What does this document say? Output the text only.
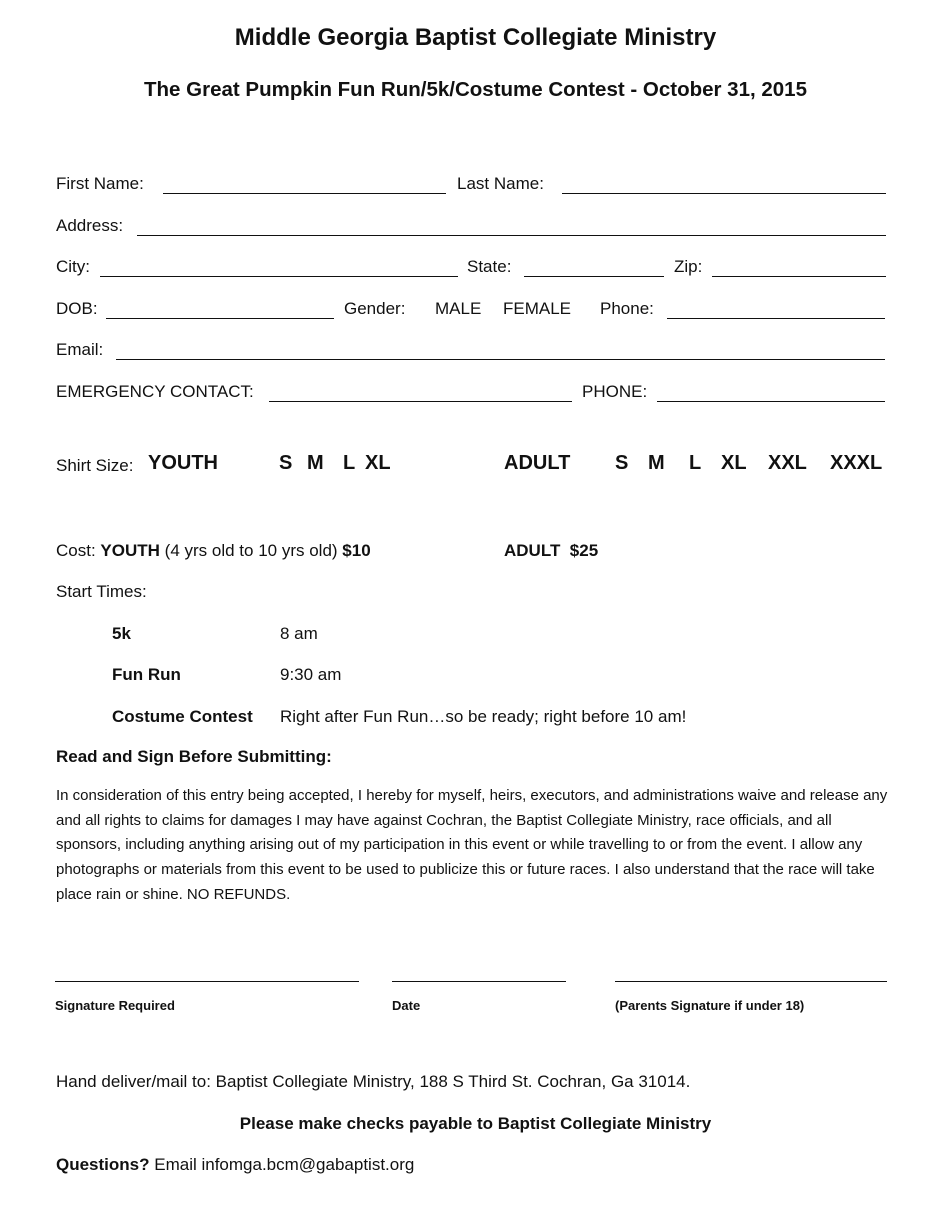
Middle Georgia Baptist Collegiate Ministry
The Great Pumpkin Fun Run/5k/Costume Contest - October 31, 2015
First Name:	Last Name:
Address:
City:	State:	Zip:
DOB:	Gender: MALE FEMALE Phone:
Email:
EMERGENCY CONTACT:	PHONE:
Shirt Size: YOUTH	S M L XL	ADULT S M L XL XXL XXXL
Cost: YOUTH (4 yrs old to 10 yrs old) $10	ADULT $25
Start Times:
5k	8 am
Fun Run	9:30 am
Costume Contest Right after Fun Run…so be ready; right before 10 am!
Read and Sign Before Submitting:
In consideration of this entry being accepted, I hereby for myself, heirs, executors, and administrations waive and release any and all rights to claims for damages I may have against Cochran, the Baptist Collegiate Ministry, race officials, and all sponsors, including anything arising out of my participation in this event or while travelling to or from the event. I allow any photographs or materials from this event to be used to publicize this or future races. I also understand that the race will take place rain or shine. NO REFUNDS.
Signature Required	Date	(Parents Signature if under 18)
Hand deliver/mail to: Baptist Collegiate Ministry, 188 S Third St. Cochran, Ga 31014.
Please make checks payable to Baptist Collegiate Ministry
Questions? Email infomga.bcm@gabaptist.org
